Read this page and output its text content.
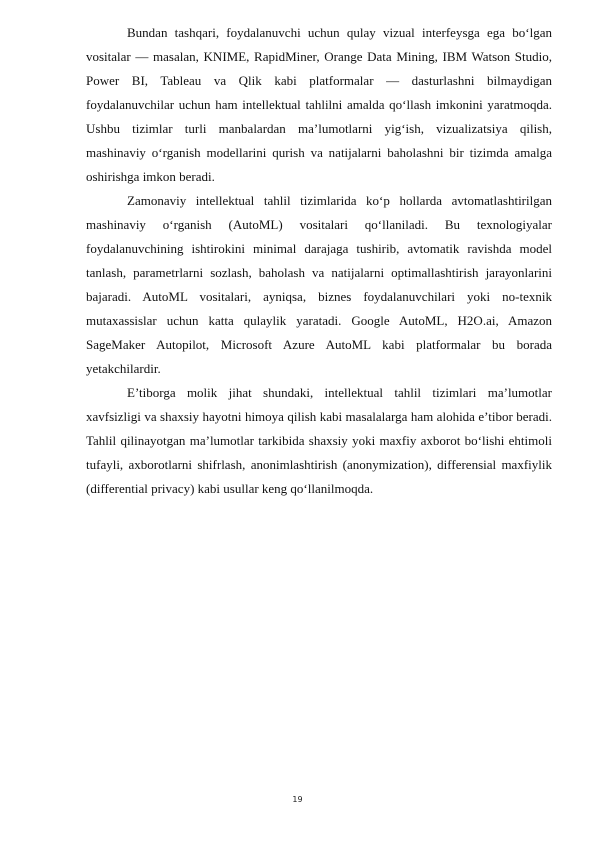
Bundan tashqari, foydalanuvchi uchun qulay vizual interfeysga ega bo‘lgan vositalar — masalan, KNIME, RapidMiner, Orange Data Mining, IBM Watson Studio, Power BI, Tableau va Qlik kabi platformalar — dasturlashni bilmaydigan foydalanuvchilar uchun ham intellektual tahlilni amalda qo‘llash imkonini yaratmoqda. Ushbu tizimlar turli manbalardan ma’lumotlarni yig‘ish, vizualizatsiya qilish, mashinaviy o‘rganish modellarini qurish va natijalarni baholashni bir tizimda amalga oshirishga imkon beradi.

Zamonaviy intellektual tahlil tizimlarida ko‘p hollarda avtomatlashtirilgan mashinaviy o‘rganish (AutoML) vositalari qo‘llaniladi. Bu texnologiyalar foydalanuvchining ishtirokini minimal darajaga tushirib, avtomatik ravishda model tanlash, parametrlarni sozlash, baholash va natijalarni optimallashtirish jarayonlarini bajaradi. AutoML vositalari, ayniqsa, biznes foydalanuvchilari yoki no-texnik mutaxassislar uchun katta qulaylik yaratadi. Google AutoML, H2O.ai, Amazon SageMaker Autopilot, Microsoft Azure AutoML kabi platformalar bu borada yetakchilardir.

E’tiborga molik jihat shundaki, intellektual tahlil tizimlari ma’lumotlar xavfsizligi va shaxsiy hayotni himoya qilish kabi masalalarga ham alohida e’tibor beradi. Tahlil qilinayotgan ma’lumotlar tarkibida shaxsiy yoki maxfiy axborot bo‘lishi ehtimoli tufayli, axborotlarni shifrlash, anonimlashtirish (anonymization), differensial maxfiylik (differential privacy) kabi usullar keng qo‘llanilmoqda.

19
